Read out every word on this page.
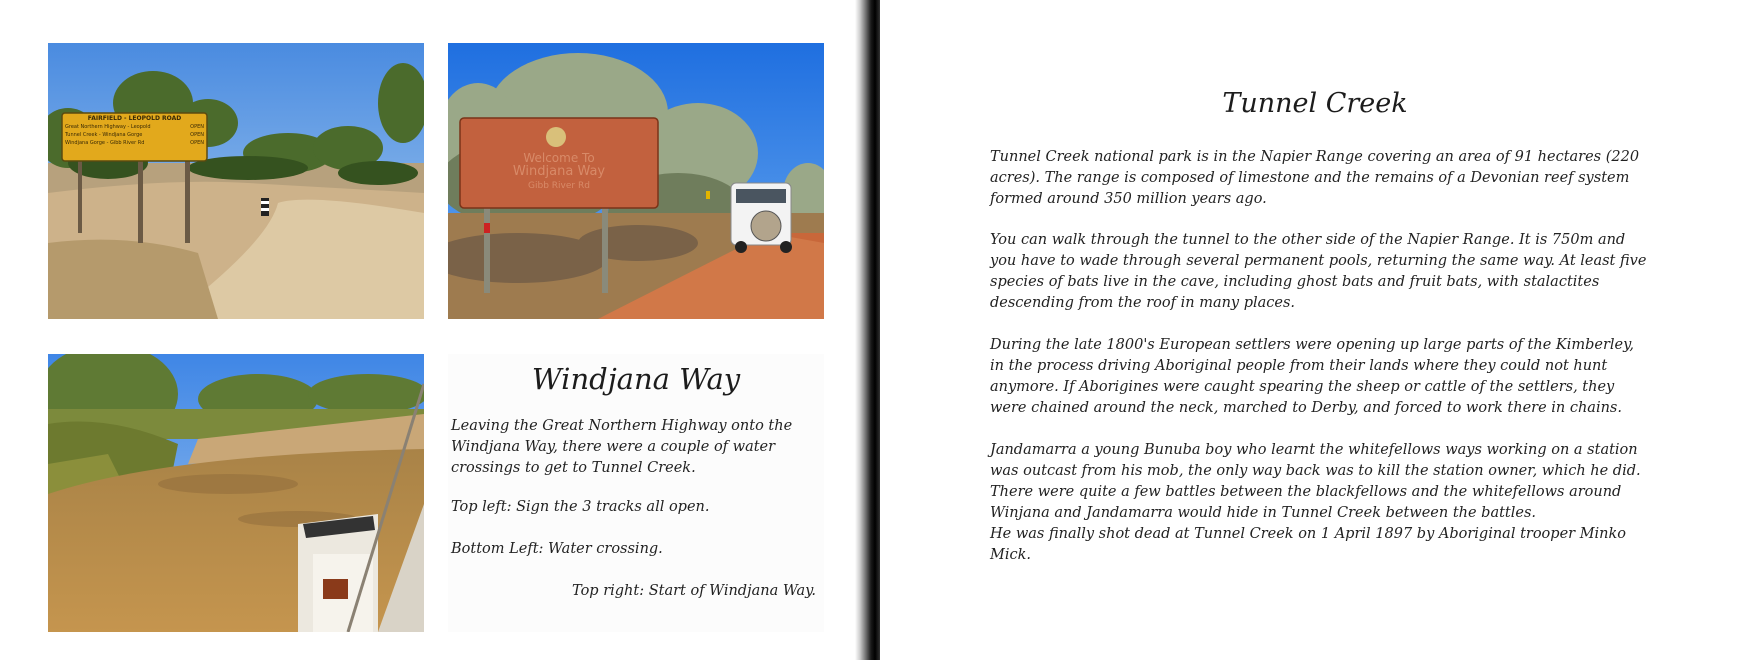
FAIRFIELD - LEOPOLD ROAD
Great Northern Highway - Leopold	OPEN
Tunnel Creek - Windjana Gorge	OPEN
Windjana Gorge - Gibb River Rd	OPEN
Welcome To
Windjana Way
Gibb River Rd
Windjana Way
Leaving the Great Northern Highway onto the Windjana Way, there were a couple of water crossings to get to Tunnel Creek.
Top left: Sign the 3 tracks all open.
Bottom Left: Water crossing.
Top right: Start of Windjana Way.
Tunnel Creek

Tunnel Creek national park is in the Napier Range covering an area of 91 hectares (220 acres). The range is composed of limestone and the remains of a Devonian reef system formed around 350 million years ago.

You can walk through the tunnel to the other side of the Napier Range. It is 750m and you have to wade through several permanent pools, returning the same way. At least five species of bats live in the cave, including ghost bats and fruit bats, with stalactites descending from the roof in many places.

During the late 1800's European settlers were opening up large parts of the Kimberley, in the process driving Aboriginal people from their lands where they could not hunt anymore. If Aborigines were caught spearing the sheep or cattle of the settlers, they were chained around the neck, marched to Derby, and forced to work there in chains.

Jandamarra a young Bunuba boy who learnt the whitefellows ways working on a station was outcast from his mob, the only way back was to kill the station owner, which he did. There were quite a few battles between the blackfellows and the whitefellows around Winjana and Jandamarra would hide in Tunnel Creek between the battles.
He was finally shot dead at Tunnel Creek on 1 April 1897 by Aboriginal trooper Minko Mick.
